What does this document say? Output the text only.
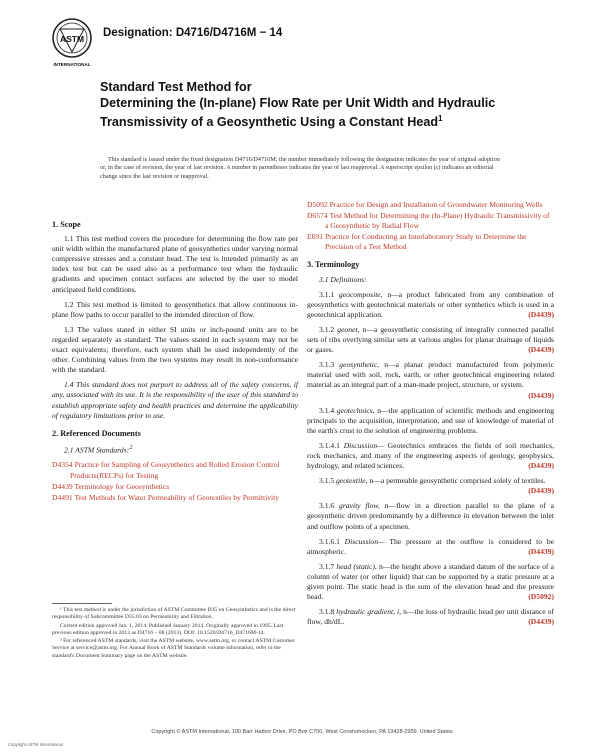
ASTM
INTERNATIONAL
Designation: D4716/D4716M − 14
Standard Test Method for
Determining the (In-plane) Flow Rate per Unit Width and Hydraulic Transmissivity of a Geosynthetic Using a Constant Head$^1$
This standard is issued under the fixed designation D4716/D4716M; the number immediately following the designation indicates the year of original adoption or, in the case of revision, the year of last revision. A number in parentheses indicates the year of last reapproval. A superscript epsilon (ε) indicates an editorial change since the last revision or reapproval.
1. Scope
1.1 This test method covers the procedure for determining the flow rate per unit width within the manufactured plane of geosynthetics under varying normal compressive stresses and a constant head. The test is intended primarily as an index test but can be used also as a performance test when the hydraulic gradients and specimen contact surfaces are selected by the user to model anticipated field conditions.
1.2 This test method is limited to geosynthetics that allow continuous in-plane flow paths to occur parallel to the intended direction of flow.
1.3 The values stated in either SI units or inch-pound units are to be regarded separately as standard. The values stated in each system may not be exact equivalents; therefore, each system shall be used independently of the other. Combining values from the two systems may result in non-conformance with the standard.
1.4 This standard does not purport to address all of the safety concerns, if any, associated with its use. It is the responsibility of the user of this standard to establish appropriate safety and health practices and determine the applicability of regulatory limitations prior to use.
2. Referenced Documents
2.1 ASTM Standards:$^2$
D4354 Practice for Sampling of Geosynthetics and Rolled Erosion Control Products(RECPs) for Testing
D4439 Terminology for Geosynthetics
D4491 Test Methods for Water Permeability of Geotextiles by Permittivity
D5092 Practice for Design and Installation of Groundwater Monitoring Wells
D6574 Test Method for Determining the (In-Plane) Hydraulic Transmissivity of a Geosynthetic by Radial Flow
E691 Practice for Conducting an Interlaboratory Study to Determine the Precision of a Test Method
3. Terminology
3.1 Definitions:
3.1.1 geocomposite, n—a product fabricated from any combination of geosynthetics with geotechnical materials or other synthetics which is used in a geotechnical application.	(D4439)
3.1.2 geonet, n—a geosynthetic consisting of integrally connected parallel sets of ribs overlying similar sets at various angles for planar drainage of liquids or gases.	(D4439)
3.1.3 geosynthetic, n—a planar product manufactured from polymeric material used with soil, rock, earth, or other geotechnical engineering related material as an integral part of a man-made project, structure, or system.
(D4439)
3.1.4 geotechnics, n—the application of scientific methods and engineering principals to the acquisition, interpretation, and use of knowledge of material of the earth's crust to the solution of engineering problems.
3.1.4.1 Discussion— Geotechnics embraces the fields of soil mechanics, rock mechanics, and many of the engineering aspects of geology, geophysics, hydrology, and related sciences.	(D4439)
3.1.5 geotextile, n—a permeable geosynthetic comprised solely of textiles.
(D4439)
3.1.6 gravity flow, n—flow in a direction parallel to the plane of a geosynthetic driven predominantly by a difference in elevation between the inlet and outflow points of a specimen.
3.1.6.1 Discussion— The pressure at the outflow is considered to be atmospheric.	(D4439)
3.1.7 head (static), n—the height above a standard datum of the surface of a column of water (or other liquid) that can be supported by a static pressure at a given point. The static head is the sum of the elevation head and the pressure head.	(D5092)
3.1.8 hydraulic gradient, i, n—the loss of hydraulic head per unit distance of flow, dh/dL.	(D4439)
¹ This test method is under the jurisdiction of ASTM Committee D35 on Geosynthetics and is the direct responsibility of Subcommittee D35.03 on Permeability and Filtration.
Current edition approved Jan. 1, 2014. Published January 2014. Originally approved in 1995. Last previous edition approved in 2013 as D4716 – 08 (2013). DOI: 10.1520/D4716_D4716M-14.
² For referenced ASTM standards, visit the ASTM website, www.astm.org, or contact ASTM Customer Service at service@astm.org. For Annual Book of ASTM Standards volume information, refer to the standard's Document Summary page on the ASTM website.
Copyright © ASTM International, 100 Barr Harbor Drive, PO Box C700, West Conshohocken, PA 19428-2959. United States
Copyright ASTM International
